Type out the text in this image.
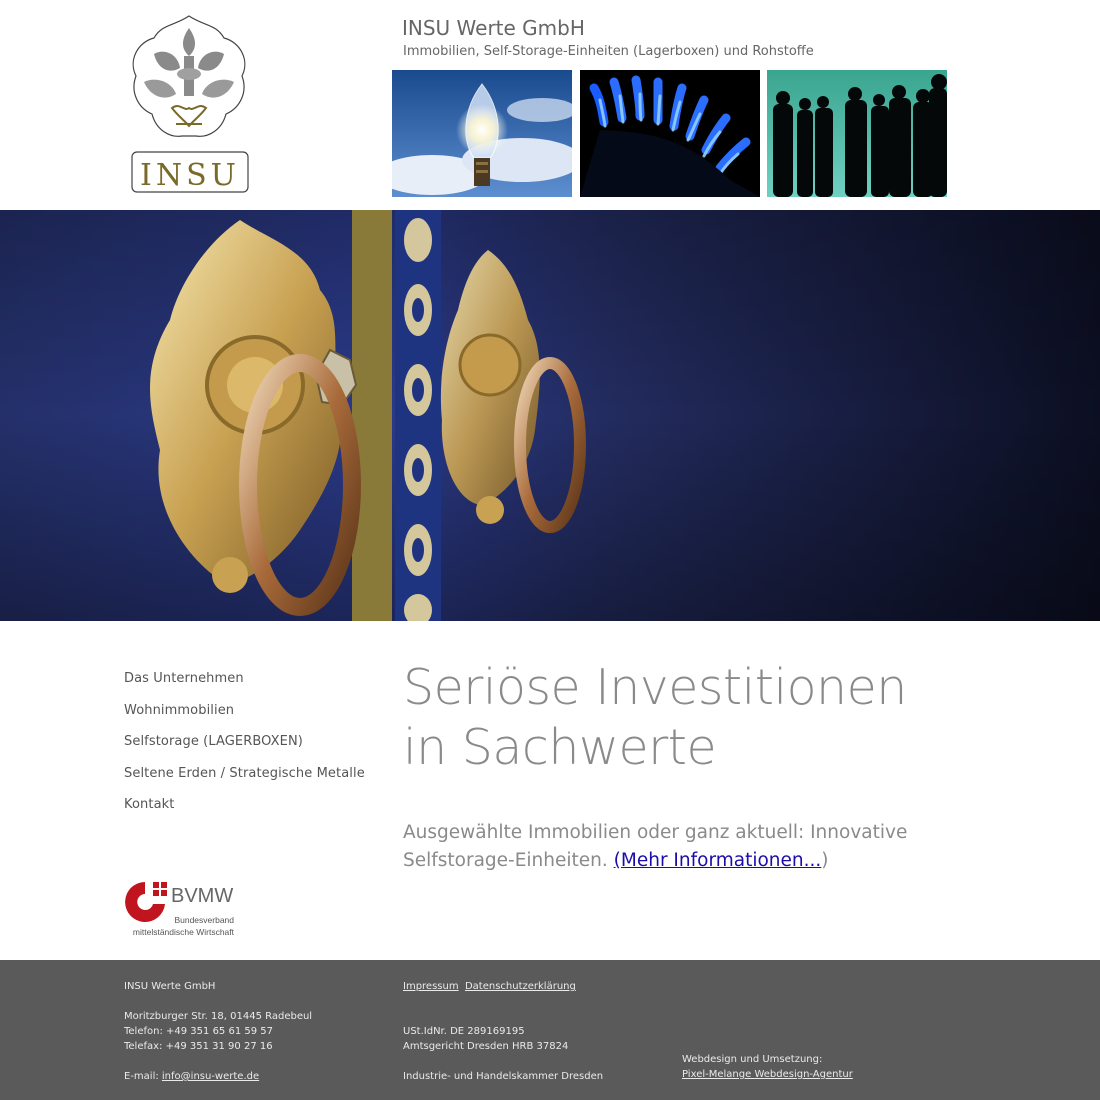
INSU
INSU Werte GmbH
Immobilien, Self-Storage-Einheiten (Lagerboxen) und Rohstoffe
Das Unternehmen
Wohnimmobilien
Selfstorage (LAGERBOXEN)
Seltene Erden / Strategische Metalle
Kontakt
BVMW
Bundesverband
mittelständische Wirtschaft
Seriöse Investitionen
in Sachwerte

Ausgewählte Immobilien oder ganz aktuell: Innovative Selfstorage-Einheiten. (Mehr Informationen...)

INSU Werte GmbH
Moritzburger Str. 18, 01445 Radebeul
Telefon: +49 351 65 61 59 57
Telefax: +49 351 31 90 27 16
E-mail: info@insu-werte.de
Impressum Datenschutzerklärung
USt.IdNr. DE 289169195
Amtsgericht Dresden HRB 37824
Industrie- und Handelskammer Dresden
Webdesign und Umsetzung:
Pixel-Melange Webdesign-Agentur
